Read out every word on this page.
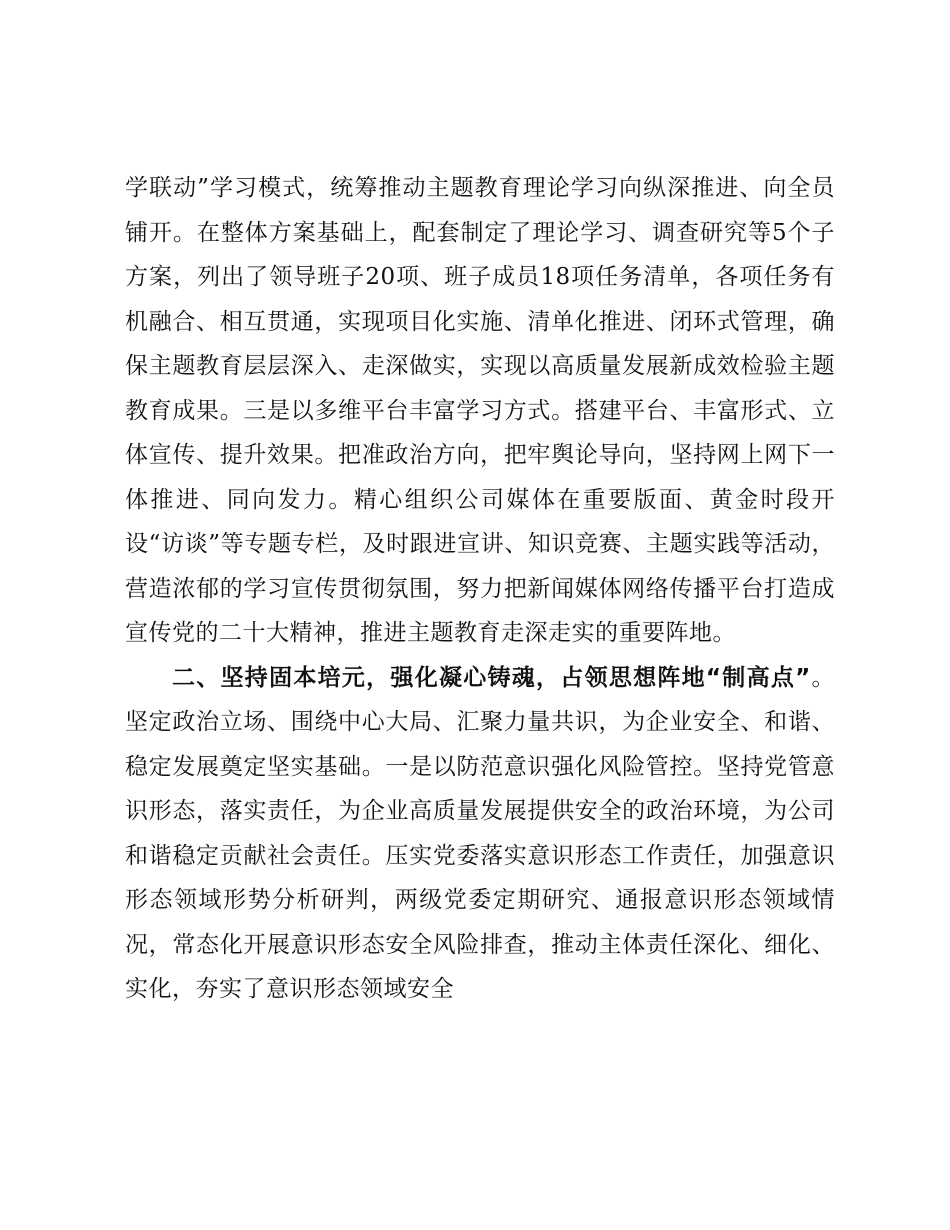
学联动”学习模式，统筹推动主题教育理论学习向纵深推进、向全员铺开。在整体方案基础上，配套制定了理论学习、调查研究等5个子方案，列出了领导班子20项、班子成员18项任务清单，各项任务有机融合、相互贯通，实现项目化实施、清单化推进、闭环式管理，确保主题教育层层深入、走深做实，实现以高质量发展新成效检验主题教育成果。三是以多维平台丰富学习方式。搭建平台、丰富形式、立体宣传、提升效果。把准政治方向，把牢舆论导向，坚持网上网下一体推进、同向发力。精心组织公司媒体在重要版面、黄金时段开设“访谈”等专题专栏，及时跟进宣讲、知识竞赛、主题实践等活动，营造浓郁的学习宣传贯彻氛围，努力把新闻媒体网络传播平台打造成宣传党的二十大精神，推进主题教育走深走实的重要阵地。

二、坚持固本培元，强化凝心铸魂，占领思想阵地“制高点”。坚定政治立场、围绕中心大局、汇聚力量共识，为企业安全、和谐、稳定发展奠定坚实基础。一是以防范意识强化风险管控。坚持党管意识形态，落实责任，为企业高质量发展提供安全的政治环境，为公司和谐稳定贡献社会责任。压实党委落实意识形态工作责任，加强意识形态领域形势分析研判，两级党委定期研究、通报意识形态领域情况，常态化开展意识形态安全风险排查，推动主体责任深化、细化、实化，夯实了意识形态领域安全
